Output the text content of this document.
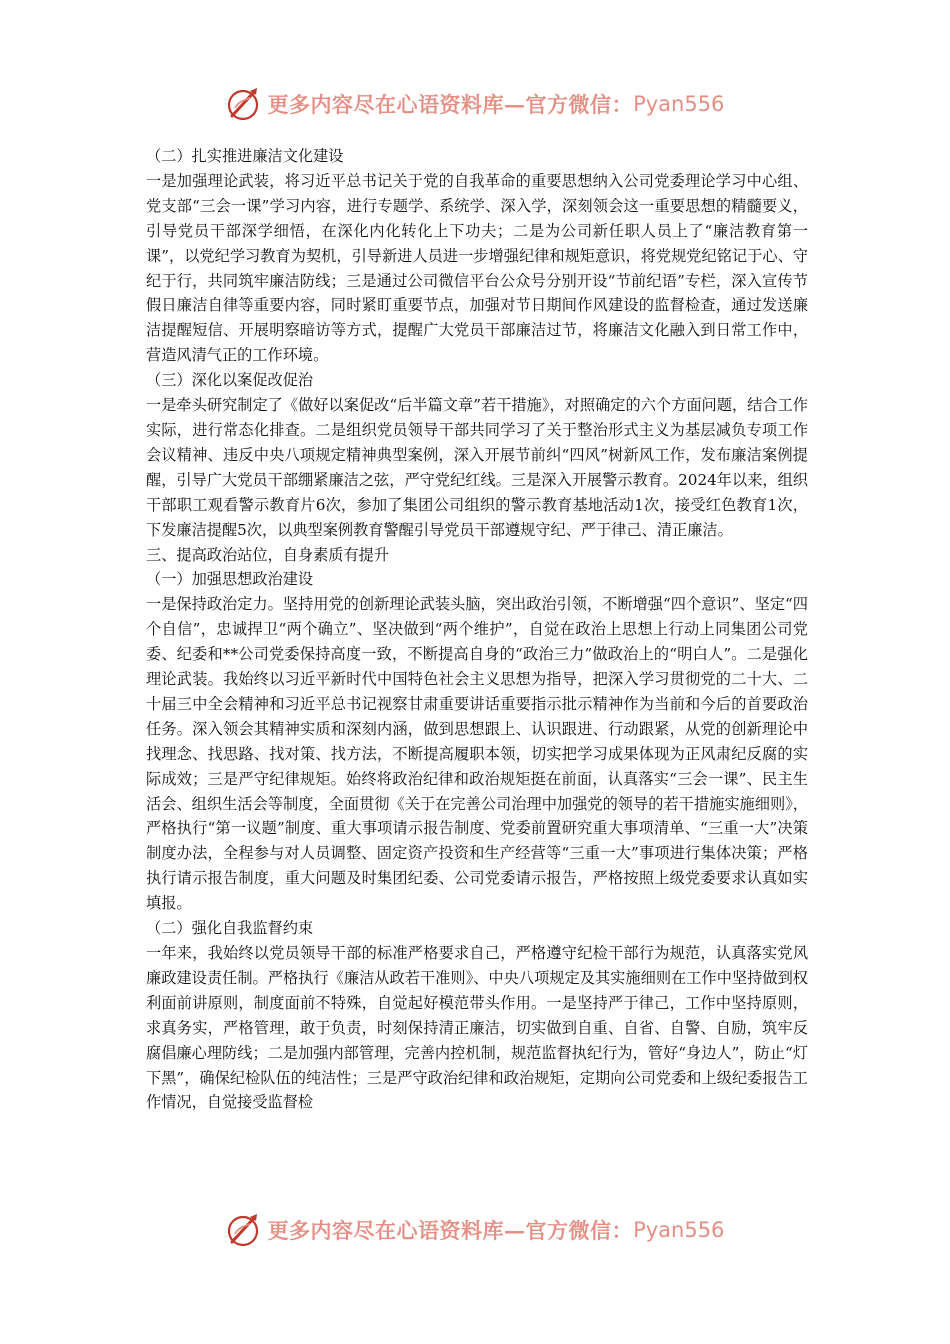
更多内容尽在心语资料库—官方微信： Pyan556

（二）扎实推进廉洁文化建设

一是加强理论武装，将习近平总书记关于党的自我革命的重要思想纳入公司党委理论学习中心组、党支部“三会一课”学习内容，进行专题学、系统学、深入学，深刻领会这一重要思想的精髓要义，引导党员干部深学细悟，在深化内化转化上下功夫；二是为公司新任职人员上了“廉洁教育第一课”，以党纪学习教育为契机，引导新进人员进一步增强纪律和规矩意识，将党规党纪铭记于心、守纪于行，共同筑牢廉洁防线；三是通过公司微信平台公众号分别开设“节前纪语”专栏，深入宣传节假日廉洁自律等重要内容，同时紧盯重要节点，加强对节日期间作风建设的监督检查，通过发送廉洁提醒短信、开展明察暗访等方式，提醒广大党员干部廉洁过节，将廉洁文化融入到日常工作中，营造风清气正的工作环境。

（三）深化以案促改促治

一是牵头研究制定了《做好以案促改“后半篇文章”若干措施》，对照确定的六个方面问题，结合工作实际，进行常态化排查。二是组织党员领导干部共同学习了关于整治形式主义为基层减负专项工作会议精神、违反中央八项规定精神典型案例，深入开展节前纠“四风”树新风工作，发布廉洁案例提醒，引导广大党员干部绷紧廉洁之弦，严守党纪红线。三是深入开展警示教育。2024年以来，组织干部职工观看警示教育片6次，参加了集团公司组织的警示教育基地活动1次，接受红色教育1次，下发廉洁提醒5次，以典型案例教育警醒引导党员干部遵规守纪、严于律己、清正廉洁。

三、提高政治站位，自身素质有提升

（一）加强思想政治建设

一是保持政治定力。坚持用党的创新理论武装头脑，突出政治引领，不断增强“四个意识”、坚定“四个自信”，忠诚捍卫“两个确立”、坚决做到“两个维护”，自觉在政治上思想上行动上同集团公司党委、纪委和**公司党委保持高度一致，不断提高自身的“政治三力”做政治上的“明白人”。二是强化理论武装。我始终以习近平新时代中国特色社会主义思想为指导，把深入学习贯彻党的二十大、二十届三中全会精神和习近平总书记视察甘肃重要讲话重要指示批示精神作为当前和今后的首要政治任务。深入领会其精神实质和深刻内涵，做到思想跟上、认识跟进、行动跟紧，从党的创新理论中找理念、找思路、找对策、找方法，不断提高履职本领，切实把学习成果体现为正风肃纪反腐的实际成效；三是严守纪律规矩。始终将政治纪律和政治规矩挺在前面，认真落实“三会一课”、民主生活会、组织生活会等制度，全面贯彻《关于在完善公司治理中加强党的领导的若干措施实施细则》，严格执行“第一议题”制度、重大事项请示报告制度、党委前置研究重大事项清单、“三重一大”决策制度办法，全程参与对人员调整、固定资产投资和生产经营等“三重一大”事项进行集体决策；严格执行请示报告制度，重大问题及时集团纪委、公司党委请示报告，严格按照上级党委要求认真如实填报。

（二）强化自我监督约束

一年来，我始终以党员领导干部的标准严格要求自己，严格遵守纪检干部行为规范，认真落实党风廉政建设责任制。严格执行《廉洁从政若干准则》、中央八项规定及其实施细则在工作中坚持做到权利面前讲原则，制度面前不特殊，自觉起好模范带头作用。一是坚持严于律己，工作中坚持原则，求真务实，严格管理，敢于负责，时刻保持清正廉洁，切实做到自重、自省、自警、自励，筑牢反腐倡廉心理防线；二是加强内部管理，完善内控机制，规范监督执纪行为，管好“身边人”，防止“灯下黑”，确保纪检队伍的纯洁性；三是严守政治纪律和政治规矩，定期向公司党委和上级纪委报告工作情况，自觉接受监督检

更多内容尽在心语资料库—官方微信： Pyan556
